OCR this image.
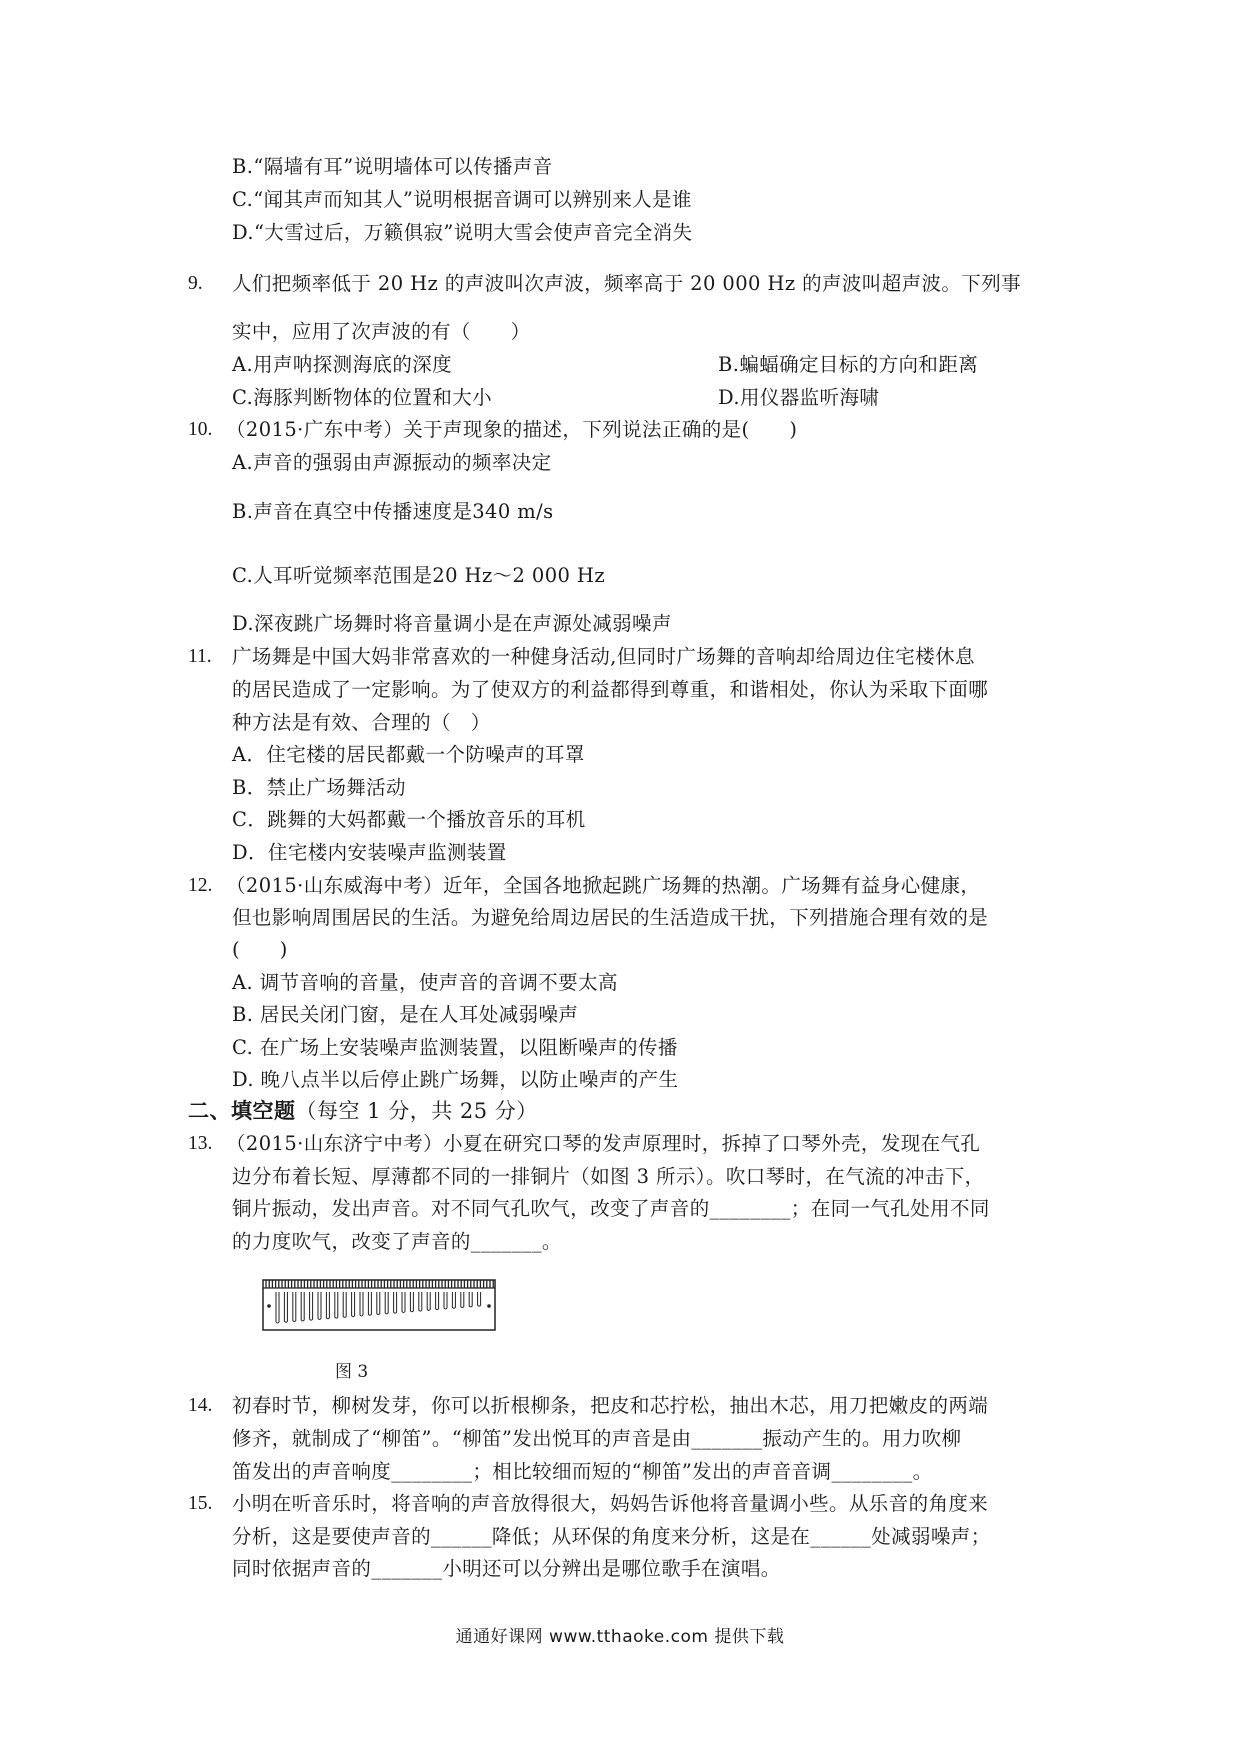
B.“隔墙有耳”说明墙体可以传播声音
C.“闻其声而知其人”说明根据音调可以辨别来人是谁
D.“大雪过后，万籁俱寂”说明大雪会使声音完全消失
9. 人们把频率低于 20 Hz 的声波叫次声波，频率高于 20 000 Hz 的声波叫超声波。下列事
实中，应用了次声波的有（　　）
A.用声呐探测海底的深度	B.蝙蝠确定目标的方向和距离
C.海豚判断物体的位置和大小	D.用仪器监听海啸
10. （2015·广东中考）关于声现象的描述，下列说法正确的是(　　)
A.声音的强弱由声源振动的频率决定
B.声音在真空中传播速度是340 m/s
C.人耳听觉频率范围是20 Hz～2 000 Hz
D.深夜跳广场舞时将音量调小是在声源处减弱噪声
11. 广场舞是中国大妈非常喜欢的一种健身活动,但同时广场舞的音响却给周边住宅楼休息
的居民造成了一定影响。为了使双方的利益都得到尊重，和谐相处，你认为采取下面哪
种方法是有效、合理的（　）
A．住宅楼的居民都戴一个防噪声的耳罩
B．禁止广场舞活动
C．跳舞的大妈都戴一个播放音乐的耳机
D．住宅楼内安装噪声监测装置
12. （2015·山东威海中考）近年，全国各地掀起跳广场舞的热潮。广场舞有益身心健康，
但也影响周围居民的生活。为避免给周边居民的生活造成干扰，下列措施合理有效的是
(　　)
A. 调节音响的音量，使声音的音调不要太高
B. 居民关闭门窗，是在人耳处减弱噪声
C. 在广场上安装噪声监测装置，以阻断噪声的传播
D. 晚八点半以后停止跳广场舞，以防止噪声的产生
二、填空题（每空 1 分，共 25 分）
13. （2015·山东济宁中考）小夏在研究口琴的发声原理时，拆掉了口琴外壳，发现在气孔
边分布着长短、厚薄都不同的一排铜片（如图 3 所示）。吹口琴时，在气流的冲击下，
铜片振动，发出声音。对不同气孔吹气，改变了声音的________；在同一气孔处用不同
的力度吹气，改变了声音的_______。
图 3
14. 初春时节，柳树发芽，你可以折根柳条，把皮和芯拧松，抽出木芯，用刀把嫩皮的两端
修齐，就制成了“柳笛”。“柳笛”发出悦耳的声音是由_______振动产生的。用力吹柳
笛发出的声音响度________；相比较细而短的“柳笛”发出的声音音调________。
15. 小明在听音乐时，将音响的声音放得很大，妈妈告诉他将音量调小些。从乐音的角度来
分析，这是要使声音的______降低；从环保的角度来分析，这是在______处减弱噪声；
同时依据声音的_______小明还可以分辨出是哪位歌手在演唱。
通通好课网 www.tthaoke.com 提供下载
